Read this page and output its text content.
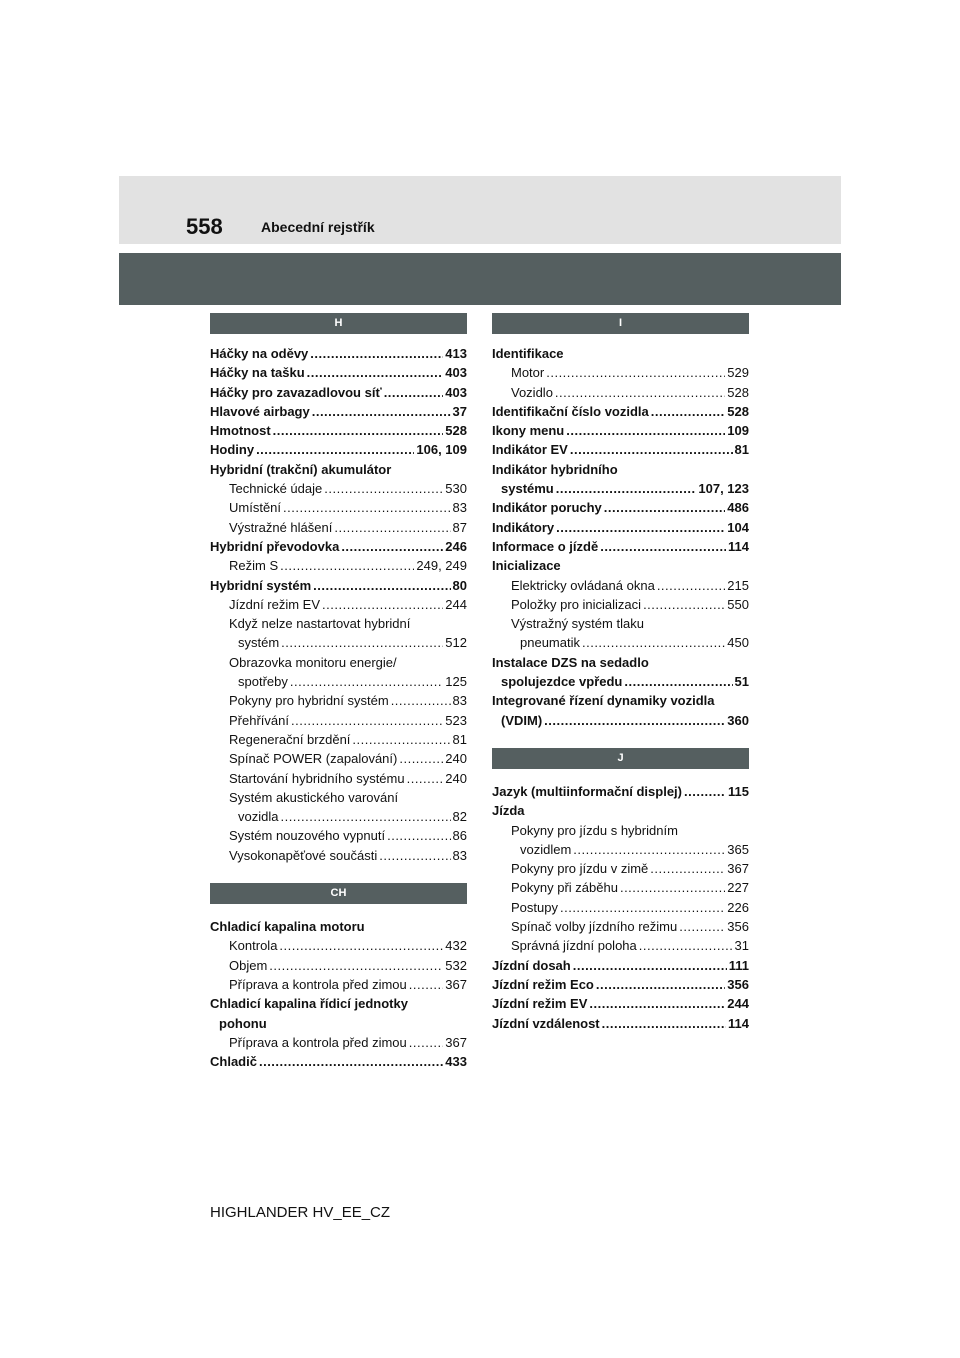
558	Abecední rejstřík
H
Háčky na oděvy .....	413
Háčky na tašku .....	403
Háčky pro zavazadlovou síť .....	403
Hlavové airbagy .....	37
Hmotnost .....	528
Hodiny .....	106, 109
Hybridní (trakční) akumulátor
Technické údaje .....	530
Umístění .....	83
Výstražné hlášení .....	87
Hybridní převodovka .....	246
Režim S .....	249, 249
Hybridní systém .....	80
Jízdní režim EV .....	244
Když nelze nastartovat hybridní
systém .....	512
Obrazovka monitoru energie/
spotřeby .....	125
Pokyny pro hybridní systém .....	83
Přehřívání .....	523
Regenerační brzdění .....	81
Spínač POWER (zapalování) .....	240
Startování hybridního systému .....	240
Systém akustického varování
vozidla .....	82
Systém nouzového vypnutí .....	86
Vysokonapěťové součásti .....	83
CH
Chladicí kapalina motoru
Kontrola .....	432
Objem .....	532
Příprava a kontrola před zimou .....	367
Chladicí kapalina řídicí jednotky
pohonu
Příprava a kontrola před zimou .....	367
Chladič .....	433
I
Identifikace
Motor .....	529
Vozidlo .....	528
Identifikační číslo vozidla .....	528
Ikony menu .....	109
Indikátor EV .....	81
Indikátor hybridního
systému .....	107, 123
Indikátor poruchy .....	486
Indikátory .....	104
Informace o jízdě .....	114
Inicializace
Elektricky ovládaná okna .....	215
Položky pro inicializaci .....	550
Výstražný systém tlaku
pneumatik .....	450
Instalace DZS na sedadlo
spolujezdce vpředu .....	51
Integrované řízení dynamiky vozidla
(VDIM) .....	360
J
Jazyk (multiinformační displej) .....	115
Jízda
Pokyny pro jízdu s hybridním
vozidlem .....	365
Pokyny pro jízdu v zimě .....	367
Pokyny při záběhu .....	227
Postupy .....	226
Spínač volby jízdního režimu .....	356
Správná jízdní poloha .....	31
Jízdní dosah .....	111
Jízdní režim Eco .....	356
Jízdní režim EV .....	244
Jízdní vzdálenost .....	114
HIGHLANDER HV_EE_CZ
